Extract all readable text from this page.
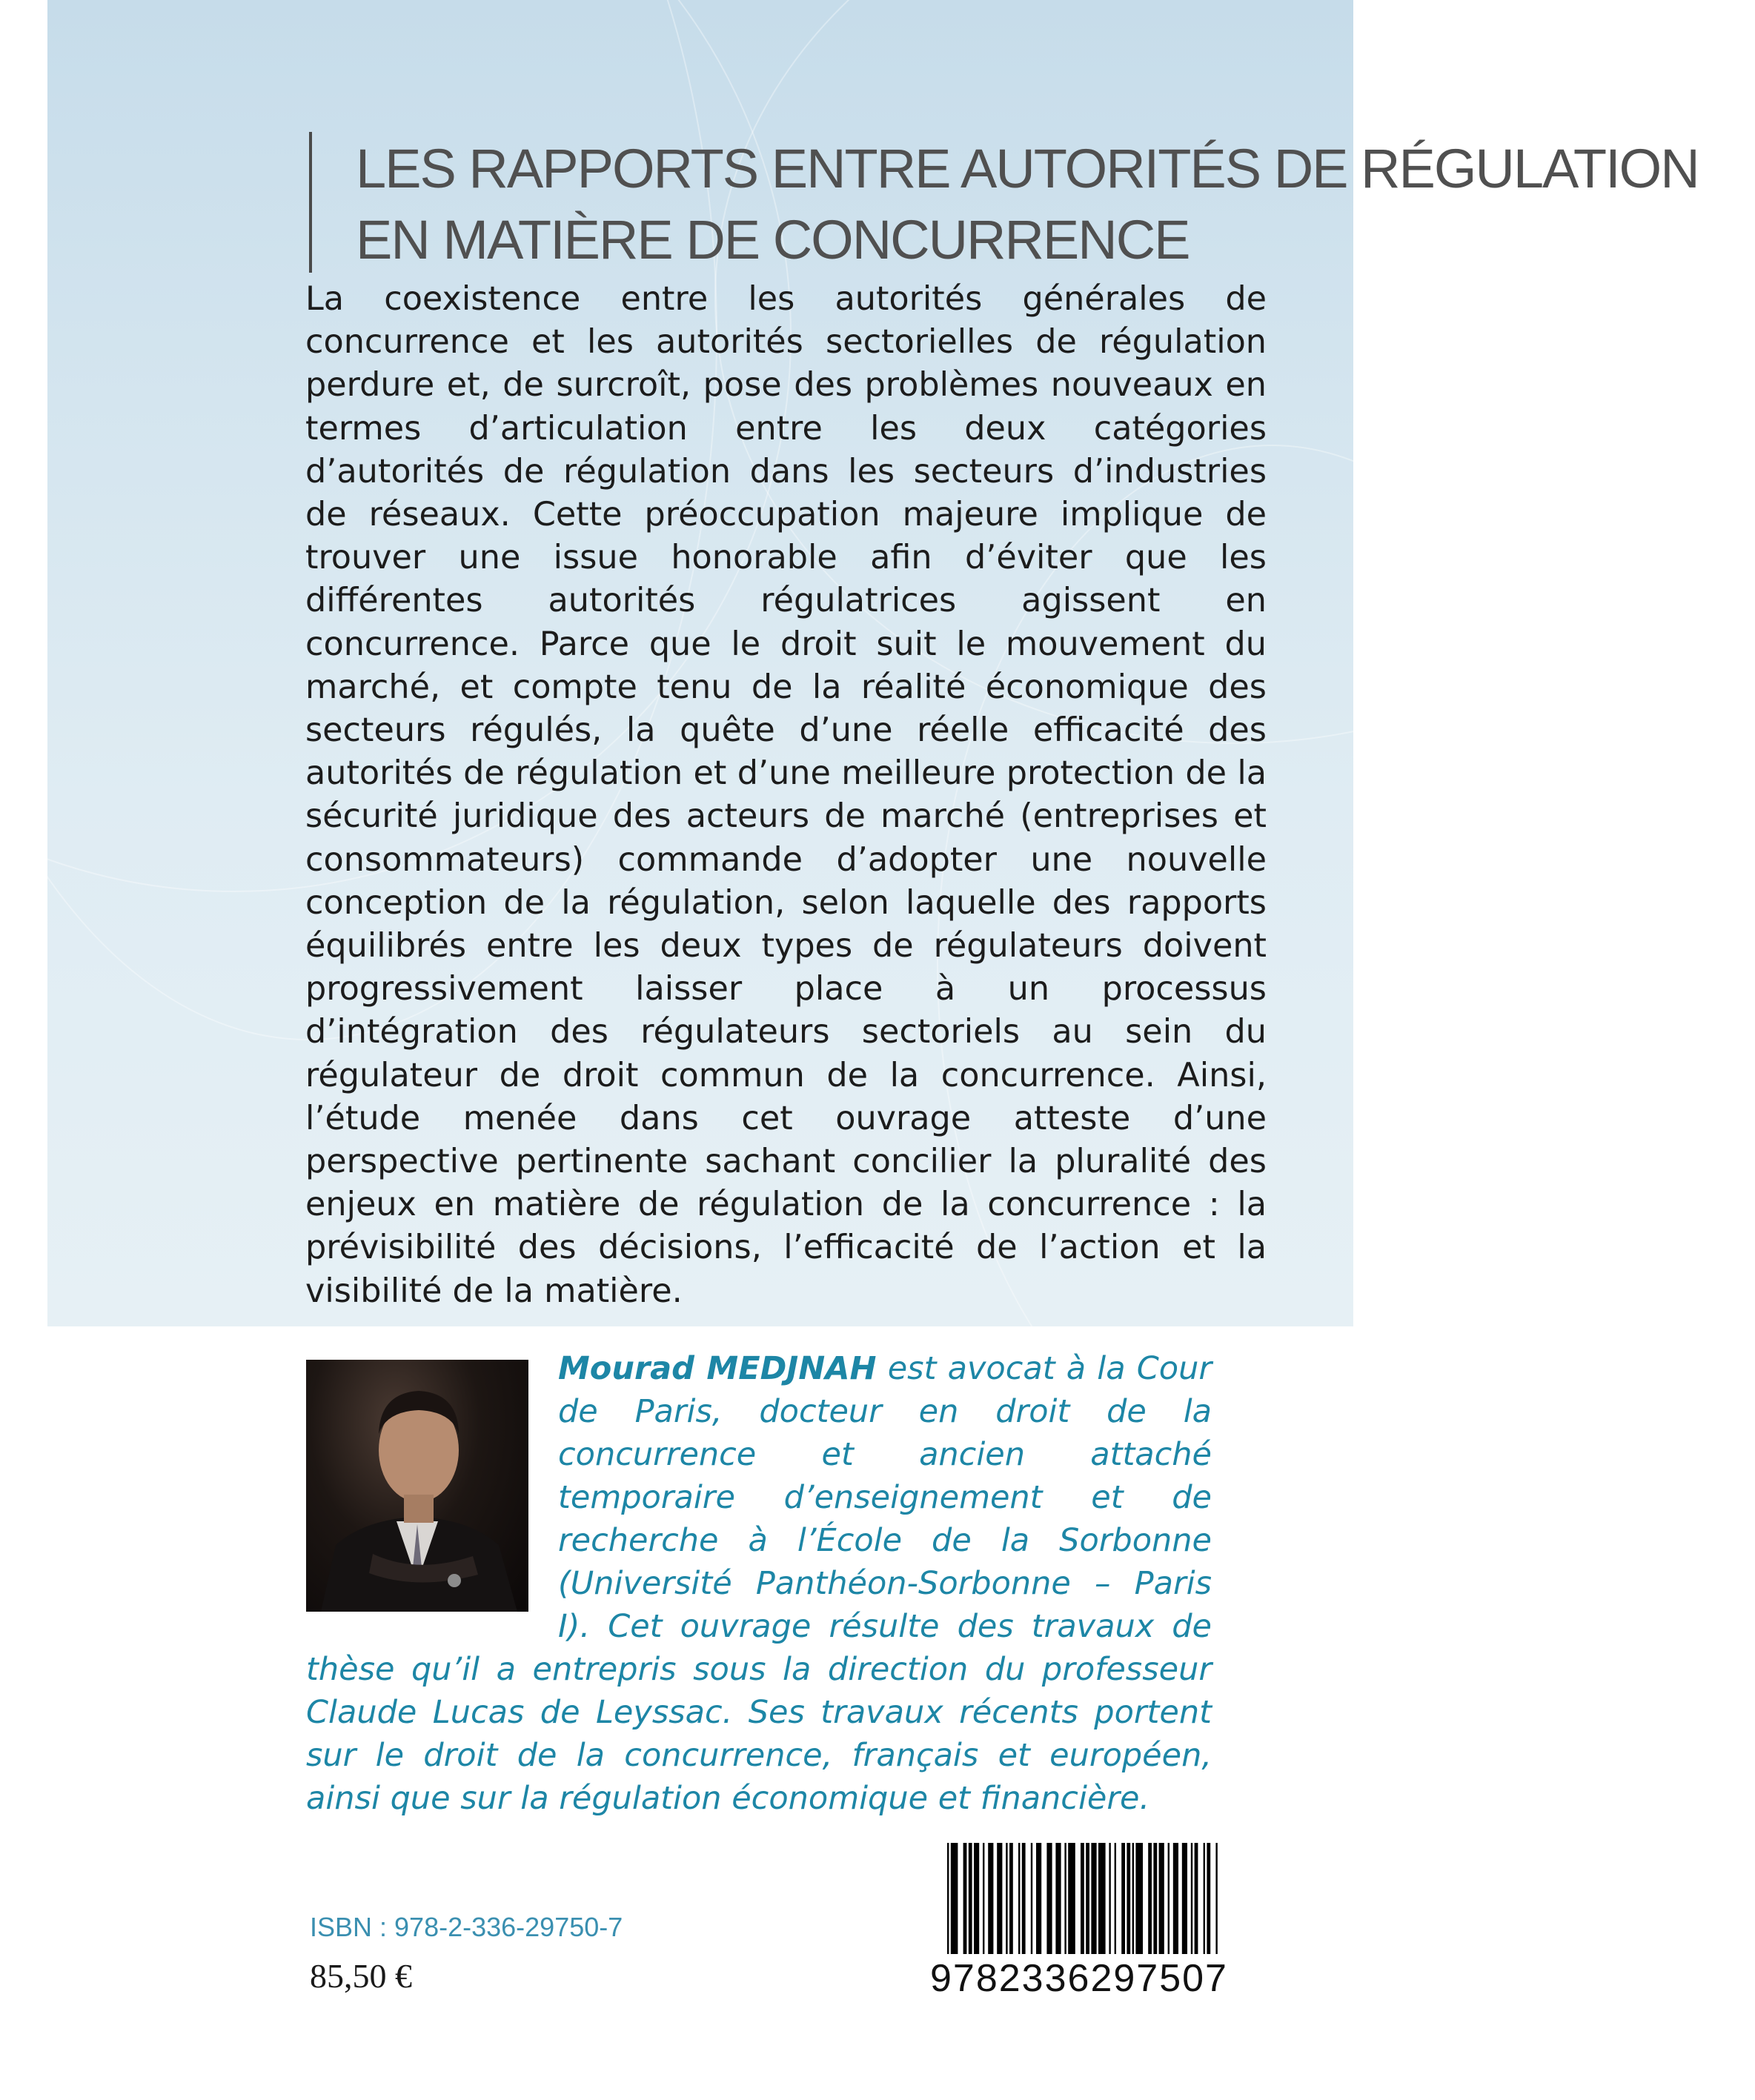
LES RAPPORTS ENTRE AUTORITÉS DE RÉGULATION
EN MATIÈRE DE CONCURRENCE

La coexistence entre les autorités générales de concurrence et les autorités sectorielles de régulation perdure et, de surcroît, pose des problèmes nouveaux en termes d’articulation entre les deux catégories d’autorités de régulation dans les secteurs d’industries de réseaux. Cette préoccupation majeure implique de trouver une issue honorable afin d’éviter que les différentes autorités régulatrices agissent en concurrence. Parce que le droit suit le mouvement du marché, et compte tenu de la réalité économique des secteurs régulés, la quête d’une réelle efficacité des autorités de régulation et d’une meilleure protection de la sécurité juridique des acteurs de marché (entreprises et consommateurs) commande d’adopter une nouvelle conception de la régulation, selon laquelle des rapports équilibrés entre les deux types de régulateurs doivent progressivement laisser place à un processus d’intégration des régulateurs sectoriels au sein du régulateur de droit commun de la concurrence. Ainsi, l’étude menée dans cet ouvrage atteste d’une perspective pertinente sachant concilier la pluralité des enjeux en matière de régulation de la concurrence : la prévisibilité des décisions, l’efficacité de l’action et la visibilité de la matière.

Mourad MEDJNAH est avocat à la Cour de Paris, docteur en droit de la concurrence et ancien attaché temporaire d’enseignement et de recherche à l’École de la Sorbonne (Université Panthéon-Sorbonne – Paris I). Cet ouvrage résulte des travaux de thèse qu’il a entrepris sous la direction du professeur Claude Lucas de Leyssac. Ses travaux récents portent sur le droit de la concurrence, français et européen, ainsi que sur la régulation économique et financière.
ISBN : 978-2-336-29750-7
85,50 €	9782336297507
